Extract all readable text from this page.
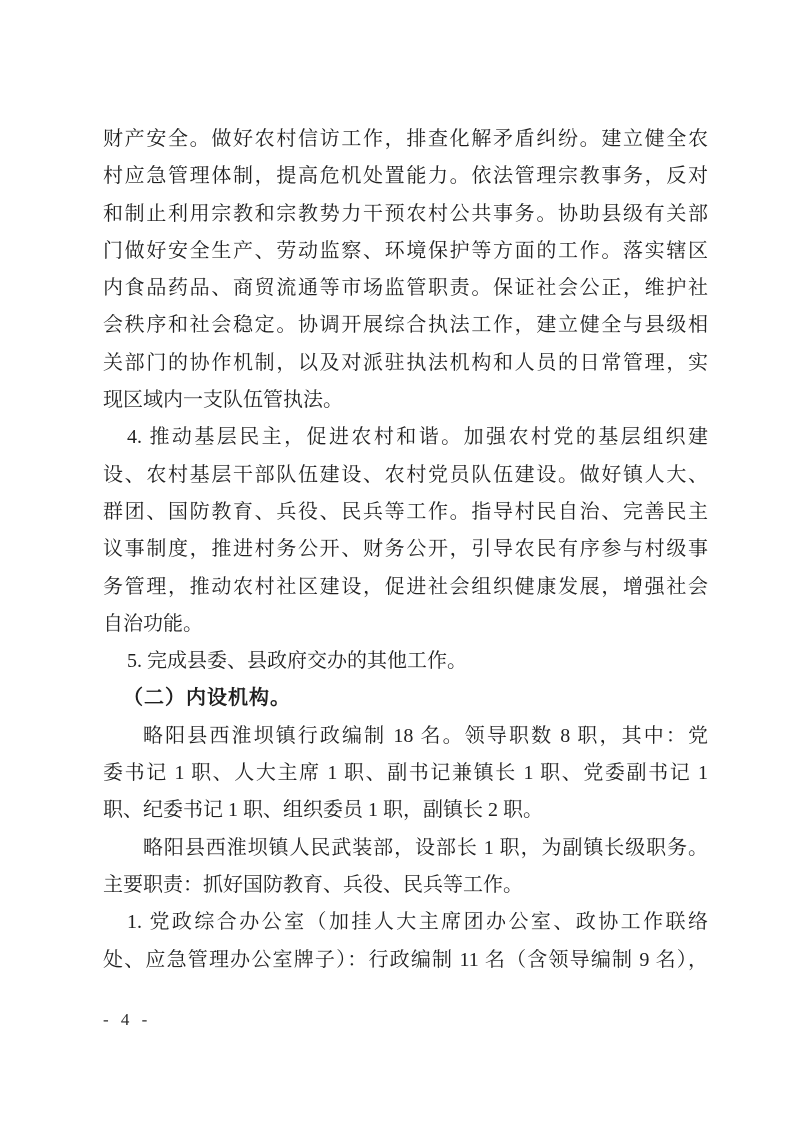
财产安全。做好农村信访工作，排查化解矛盾纠纷。建立健全农
村应急管理体制，提高危机处置能力。依法管理宗教事务，反对
和制止利用宗教和宗教势力干预农村公共事务。协助县级有关部
门做好安全生产、劳动监察、环境保护等方面的工作。落实辖区
内食品药品、商贸流通等市场监管职责。保证社会公正，维护社
会秩序和社会稳定。协调开展综合执法工作，建立健全与县级相
关部门的协作机制，以及对派驻执法机构和人员的日常管理，实
现区域内一支队伍管执法。
4. 推动基层民主，促进农村和谐。加强农村党的基层组织建
设、农村基层干部队伍建设、农村党员队伍建设。做好镇人大、
群团、国防教育、兵役、民兵等工作。指导村民自治、完善民主
议事制度，推进村务公开、财务公开，引导农民有序参与村级事
务管理，推动农村社区建设，促进社会组织健康发展，增强社会
自治功能。
5. 完成县委、县政府交办的其他工作。
（二）内设机构。
略阳县西淮坝镇行政编制 18 名。领导职数 8 职，其中：党
委书记 1 职、人大主席 1 职、副书记兼镇长 1 职、党委副书记 1
职、纪委书记 1 职、组织委员 1 职，副镇长 2 职。
略阳县西淮坝镇人民武装部，设部长 1 职，为副镇长级职务。
主要职责：抓好国防教育、兵役、民兵等工作。
1. 党政综合办公室（加挂人大主席团办公室、政协工作联络
处、应急管理办公室牌子）：行政编制 11 名（含领导编制 9 名），
- 4 -
